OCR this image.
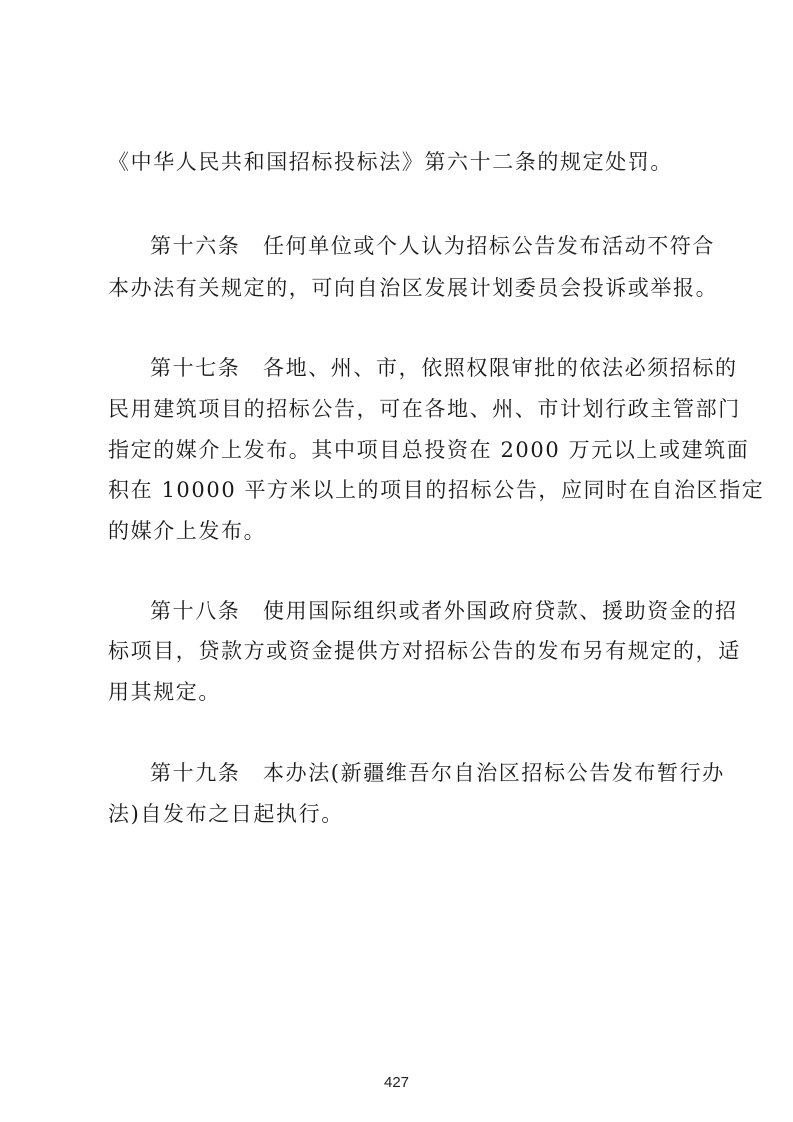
《中华人民共和国招标投标法》第六十二条的规定处罚。
第十六条　任何单位或个人认为招标公告发布活动不符合
本办法有关规定的，可向自治区发展计划委员会投诉或举报。
第十七条　各地、州、市，依照权限审批的依法必须招标的
民用建筑项目的招标公告，可在各地、州、市计划行政主管部门
指定的媒介上发布。其中项目总投资在 2000 万元以上或建筑面
积在 10000 平方米以上的项目的招标公告，应同时在自治区指定
的媒介上发布。
第十八条　使用国际组织或者外国政府贷款、援助资金的招
标项目，贷款方或资金提供方对招标公告的发布另有规定的，适
用其规定。
第十九条　本办法(新疆维吾尔自治区招标公告发布暂行办
法)自发布之日起执行。
427
